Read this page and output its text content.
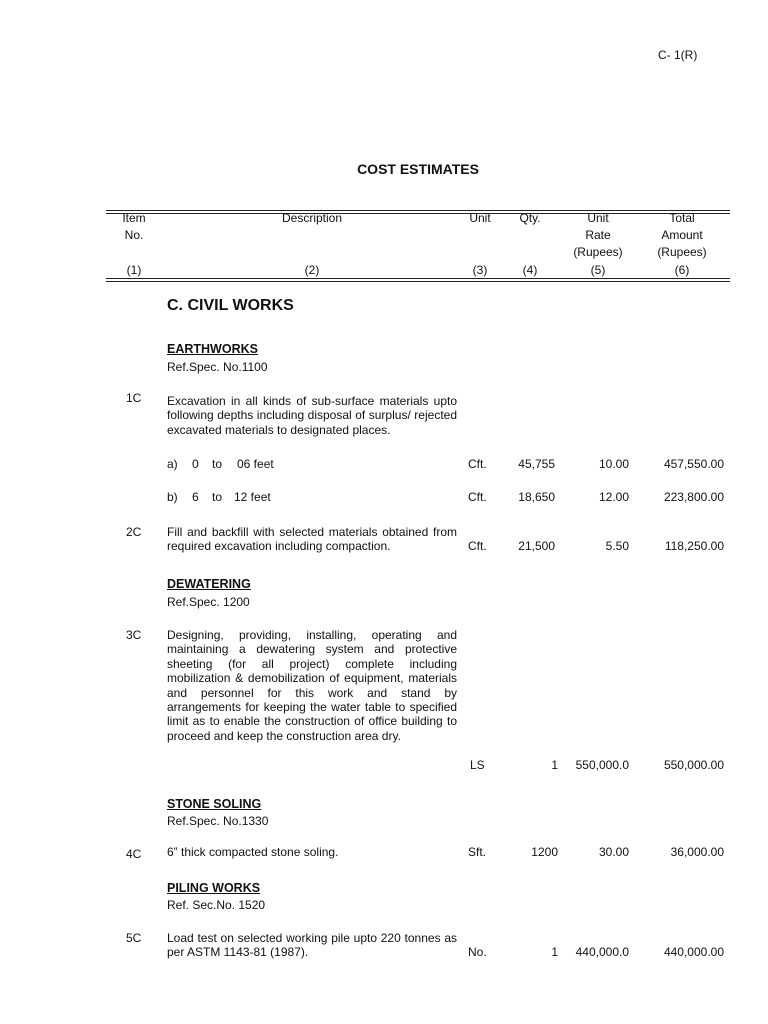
C- 1(R)
COST ESTIMATES
Item
No.
Description	Unit	Qty.	Unit
Rate
(Rupees)
Total
Amount
(Rupees)
(1)	(2)	(3)	(4)	(5)	(6)
C. CIVIL WORKS
EARTHWORKS
Ref.Spec. No.1100
1C Excavation in all kinds of sub-surface materials upto following depths including disposal of surplus/ rejected excavated materials to designated places.
a) 0 to 06 feet	Cft.	45,755	10.00	457,550.00
b) 6 to 12 feet	Cft.	18,650	12.00	223,800.00
2C Fill and backfill with selected materials obtained from required excavation including compaction.	Cft.	21,500	5.50	118,250.00
DEWATERING
Ref.Spec. 1200
3C Designing, providing, installing, operating and maintaining a dewatering system and protective sheeting (for all project) complete including mobilization & demobilization of equipment, materials and personnel for this work and stand by arrangements for keeping the water table to specified limit as to enable the construction of office building to proceed and keep the construction area dry.
LS	1	550,000.0	550,000.00
STONE SOLING
Ref.Spec. No.1330
4C 6” thick compacted stone soling.	Sft.	1200	30.00	36,000.00
PILING WORKS
Ref. Sec.No. 1520
5C Load test on selected working pile upto 220 tonnes as per ASTM 1143-81 (1987).	No.	1	440,000.0	440,000.00
